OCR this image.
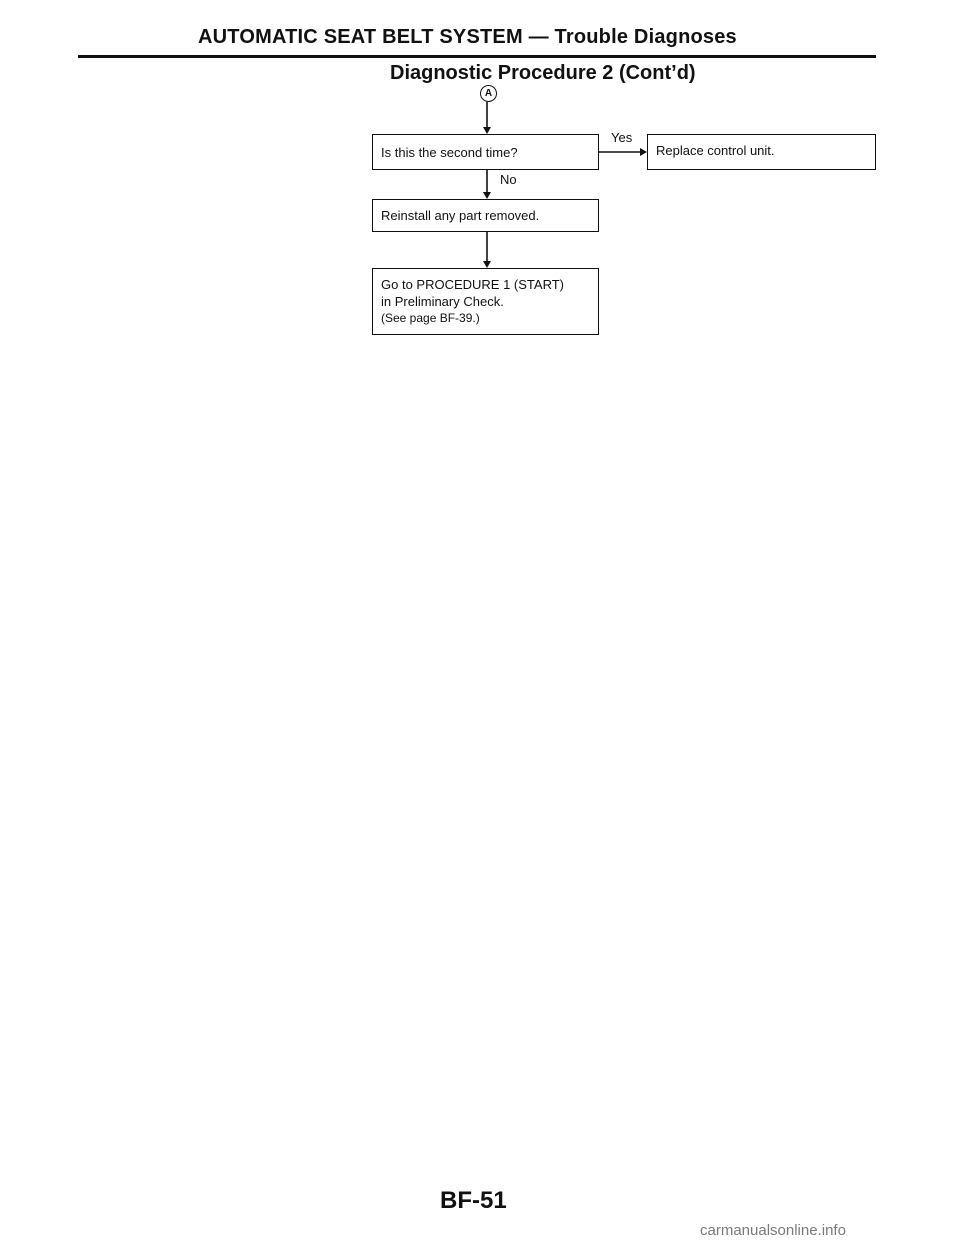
AUTOMATIC SEAT BELT SYSTEM — Trouble Diagnoses
Diagnostic Procedure 2 (Cont’d)
A
Is this the second time?
Yes
Replace control unit.
No
Reinstall any part removed.
Go to PROCEDURE 1 (START)
in Preliminary Check.
(See page BF-39.)
BF-51
carmanualsonline.info
